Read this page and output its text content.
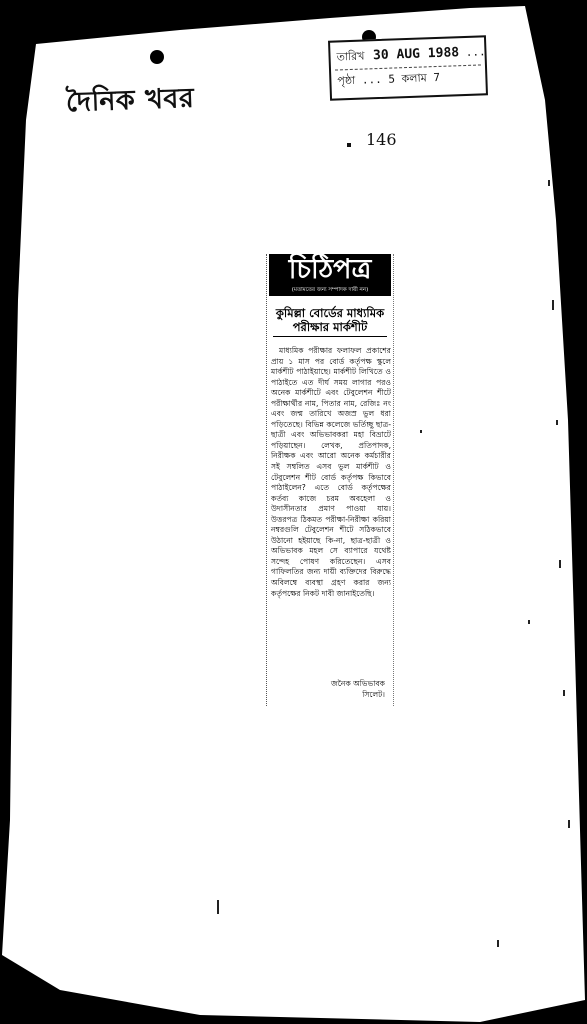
দৈনিক খবর
তারিখ 30 AUG 1988 ...
পৃষ্ঠা ... 5 কলাম 7
146
চিঠিপত্র
(মতামতের জন্য সম্পাদক দায়ী নন)
কুমিল্লা বোর্ডের মাধ্যমিক
পরীক্ষার মার্কশীট
মাধ্যমিক পরীক্ষার ফলাফল প্রকাশের প্রায় ১ মাস পর বোর্ড কর্তৃপক্ষ স্কুলে মার্কশীট পাঠাইয়াছে। মার্কশীট লিখিতে ও পাঠাইতে এত দীর্ঘ সময় লাগার পরও অনেক মার্কশীটে এবং টেবুলেশন শীটে পরীক্ষার্থীর নাম, পিতার নাম, রেজিঃ নং এবং জন্ম তারিখে অজস্র ভুল ধরা পড়িতেছে। বিভিন্ন কলেজে ভর্তিচ্ছু ছাত্র-ছাত্রী এবং অভিভাবকরা মহা বিভ্রাটে পড়িয়াছেন। লেখক, প্রতিপাদক, নিরীক্ষক এবং আরো অনেক কর্মচারীর সই সম্বলিত এসব ভুল মার্কশীট ও টেবুলেশন শীট বোর্ড কর্তৃপক্ষ কিভাবে পাঠাইলেন? এতে বোর্ড কর্তৃপক্ষের কর্তব্য কাজে চরম অবহেলা ও উদাসীনতার প্রমাণ পাওয়া যায়। উত্তরপত্র ঠিকমত পরীক্ষা-নিরীক্ষা করিয়া নম্বরগুলি টেবুলেশন শীটে সঠিকভাবে উঠানো হইয়াছে কি-না, ছাত্র-ছাত্রী ও অভিভাবক মহল সে ব্যাপারে যথেষ্ট সন্দেহ পোষণ করিতেছেন। এসব গাফিলতির জন্য দায়ী ব্যক্তিদের বিরুদ্ধে অবিলম্বে ব্যবস্থা গ্রহণ করার জন্য কর্তৃপক্ষের নিকট দাবী জানাইতেছি।
জনৈক অভিভাবক
সিলেট।
